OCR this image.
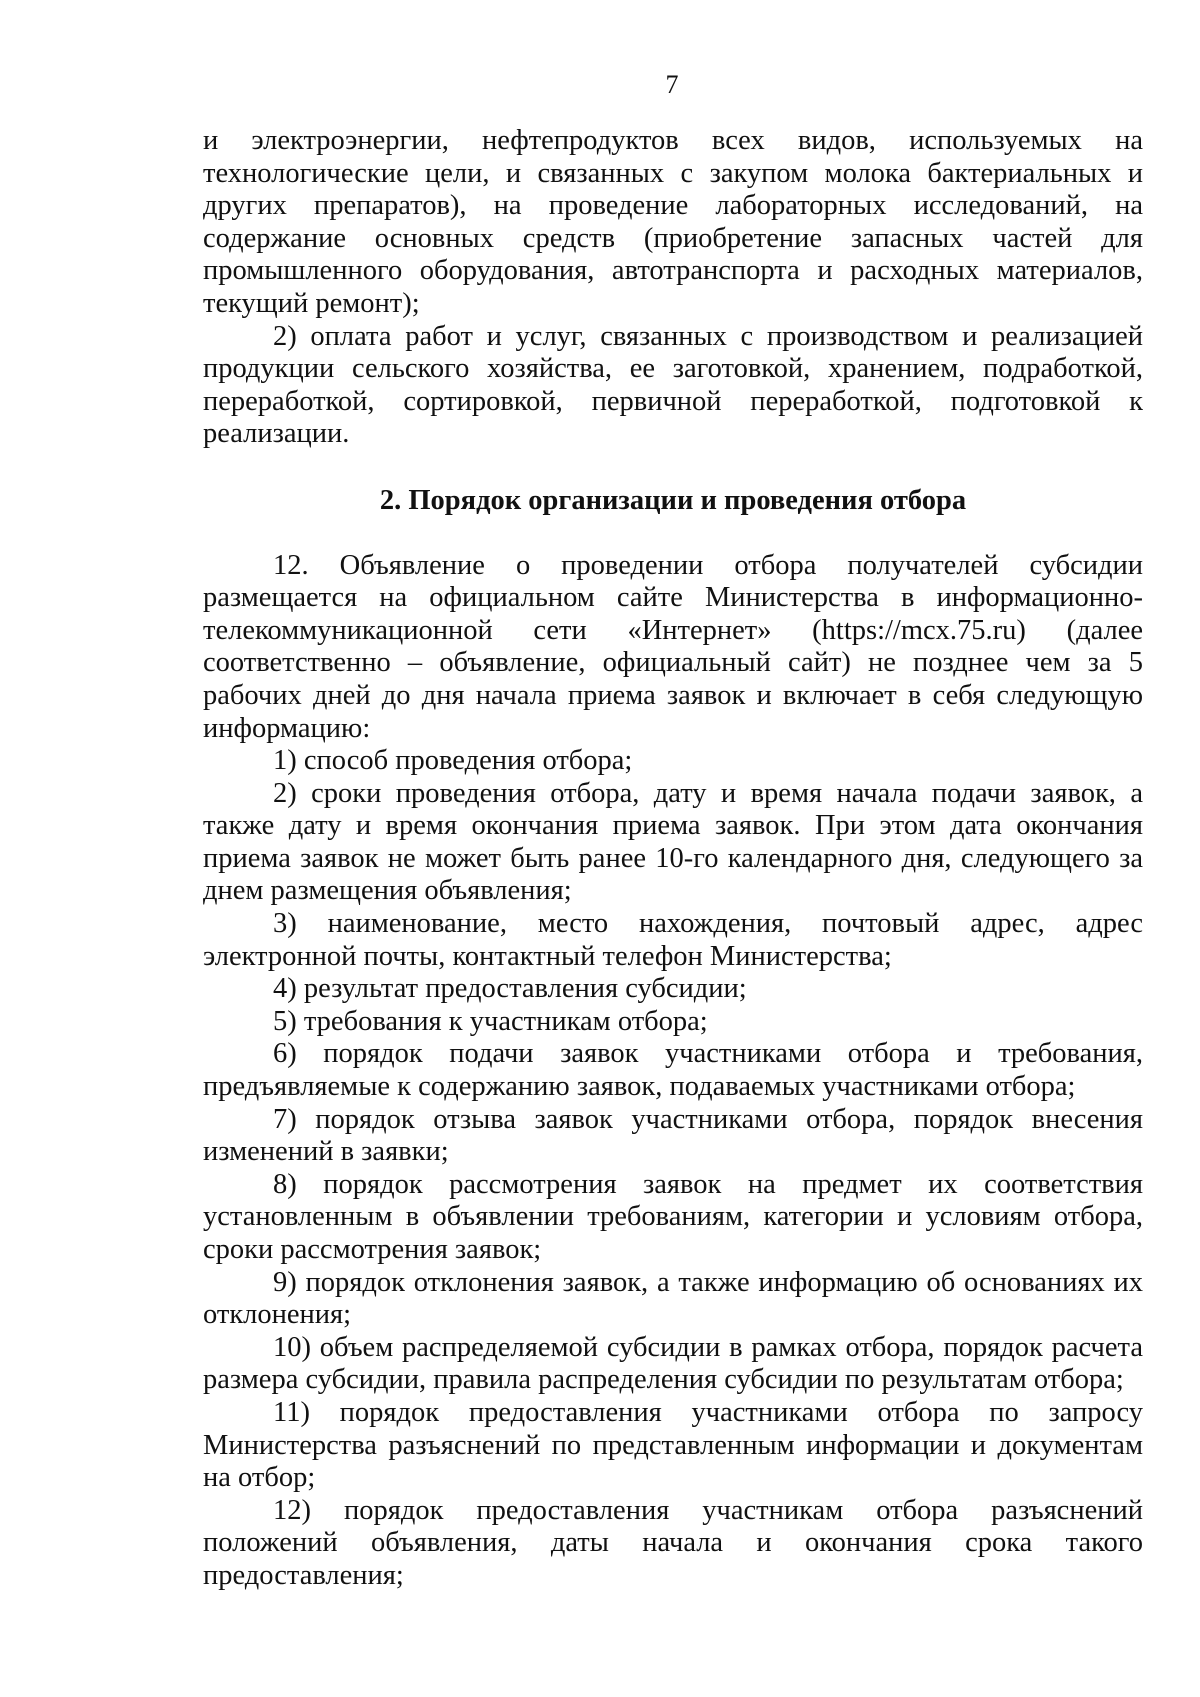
7

и электроэнергии, нефтепродуктов всех видов, используемых на технологические цели, и связанных с закупом молока бактериальных и других препаратов), на проведение лабораторных исследований, на содержание основных средств (приобретение запасных частей для промышленного оборудования, автотранспорта и расходных материалов, текущий ремонт);

2) оплата работ и услуг, связанных с производством и реализацией продукции сельского хозяйства, ее заготовкой, хранением, подработкой, переработкой, сортировкой, первичной переработкой, подготовкой к реализации.

2. Порядок организации и проведения отбора

12. Объявление о проведении отбора получателей субсидии размещается на официальном сайте Министерства в информационно-телекоммуникационной сети «Интернет» (https://mcx.75.ru) (далее соответственно – объявление, официальный сайт) не позднее чем за 5 рабочих дней до дня начала приема заявок и включает в себя следующую информацию:

1) способ проведения отбора;

2) сроки проведения отбора, дату и время начала подачи заявок, а также дату и время окончания приема заявок. При этом дата окончания приема заявок не может быть ранее 10-го календарного дня, следующего за днем размещения объявления;

3) наименование, место нахождения, почтовый адрес, адрес электронной почты, контактный телефон Министерства;

4) результат предоставления субсидии;

5) требования к участникам отбора;

6) порядок подачи заявок участниками отбора и требования, предъявляемые к содержанию заявок, подаваемых участниками отбора;

7) порядок отзыва заявок участниками отбора, порядок внесения изменений в заявки;

8) порядок рассмотрения заявок на предмет их соответствия установленным в объявлении требованиям, категории и условиям отбора, сроки рассмотрения заявок;

9) порядок отклонения заявок, а также информацию об основаниях их отклонения;

10) объем распределяемой субсидии в рамках отбора, порядок расчета размера субсидии, правила распределения субсидии по результатам отбора;

11) порядок предоставления участниками отбора по запросу Министерства разъяснений по представленным информации и документам на отбор;

12) порядок предоставления участникам отбора разъяснений положений объявления, даты начала и окончания срока такого предоставления;
